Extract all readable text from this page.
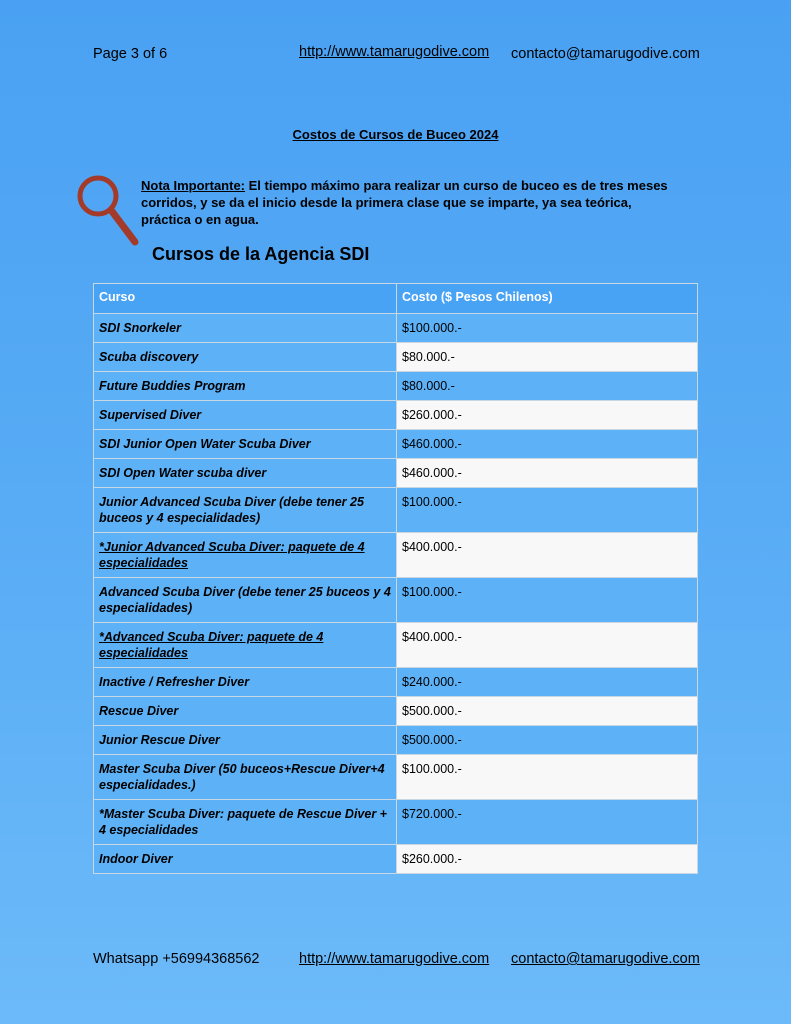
Page 3 of 6	http://www.tamarugodive.com contacto@tamarugodive.com
Costos de Cursos de Buceo 2024
Nota Importante: El tiempo máximo para realizar un curso de buceo es de tres meses corridos, y se da el inicio desde la primera clase que se imparte, ya sea teórica, práctica o en agua.
Cursos de la Agencia SDI
Curso	Costo ($ Pesos Chilenos)
SDI Snorkeler	$100.000.-
Scuba discovery	$80.000.-
Future Buddies Program	$80.000.-
Supervised Diver	$260.000.-
SDI Junior Open Water Scuba Diver	$460.000.-
SDI Open Water scuba diver	$460.000.-
Junior Advanced Scuba Diver (debe tener 25 buceos y 4 especialidades)	$100.000.-
*Junior Advanced Scuba Diver: paquete de 4 especialidades	$400.000.-
Advanced Scuba Diver (debe tener 25 buceos y 4 especialidades)	$100.000.-
*Advanced Scuba Diver: paquete de 4 especialidades	$400.000.-
Inactive / Refresher Diver	$240.000.-
Rescue Diver	$500.000.-
Junior Rescue Diver	$500.000.-
Master Scuba Diver (50 buceos+Rescue Diver+4 especialidades.)	$100.000.-
*Master Scuba Diver: paquete de Rescue Diver + 4 especialidades	$720.000.-
Indoor Diver	$260.000.-
Whatsapp +56994368562	http://www.tamarugodive.com contacto@tamarugodive.com
